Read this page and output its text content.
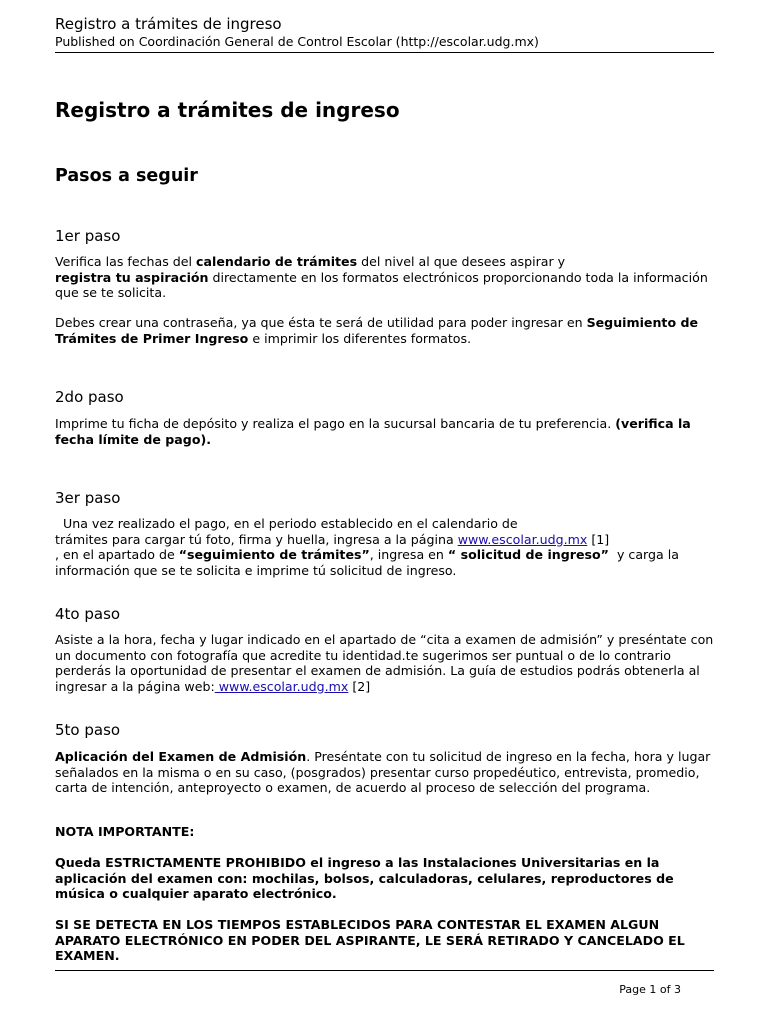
Registro a trámites de ingreso
Published on Coordinación General de Control Escolar (http://escolar.udg.mx)
Registro a trámites de ingreso
Pasos a seguir
1er paso

Verifica las fechas del calendario de trámites del nivel al que desees aspirar y
registra tu aspiración directamente en los formatos electrónicos proporcionando toda la información que se te solicita.

Debes crear una contraseña, ya que ésta te será de utilidad para poder ingresar en Seguimiento de Trámites de Primer Ingreso e imprimir los diferentes formatos.

2do paso

Imprime tu ficha de depósito y realiza el pago en la sucursal bancaria de tu preferencia. (verifica la fecha límite de pago).

3er paso

Una vez realizado el pago, en el periodo establecido en el calendario de
trámites para cargar tú foto, firma y huella, ingresa a la página www.escolar.udg.mx [1]
, en el apartado de “seguimiento de trámites”, ingresa en “ solicitud de ingreso”  y carga la información que se te solicita e imprime tú solicitud de ingreso.

4to paso

Asiste a la hora, fecha y lugar indicado en el apartado de “cita a examen de admisión” y preséntate con un documento con fotografía que acredite tu identidad.te sugerimos ser puntual o de lo contrario perderás la oportunidad de presentar el examen de admisión. La guía de estudios podrás obtenerla al ingresar a la página web: www.escolar.udg.mx [2]

5to paso

Aplicación del Examen de Admisión. Preséntate con tu solicitud de ingreso en la fecha, hora y lugar señalados en la misma o en su caso, (posgrados) presentar curso propedéutico, entrevista, promedio, carta de intención, anteproyecto o examen, de acuerdo al proceso de selección del programa.

NOTA IMPORTANTE:

Queda ESTRICTAMENTE PROHIBIDO el ingreso a las Instalaciones Universitarias en la aplicación del examen con: mochilas, bolsos, calculadoras, celulares, reproductores de música o cualquier aparato electrónico.

SI SE DETECTA EN LOS TIEMPOS ESTABLECIDOS PARA CONTESTAR EL EXAMEN ALGUN APARATO ELECTRÓNICO EN PODER DEL ASPIRANTE, LE SERÁ RETIRADO Y CANCELADO EL EXAMEN.

Page 1 of 3
